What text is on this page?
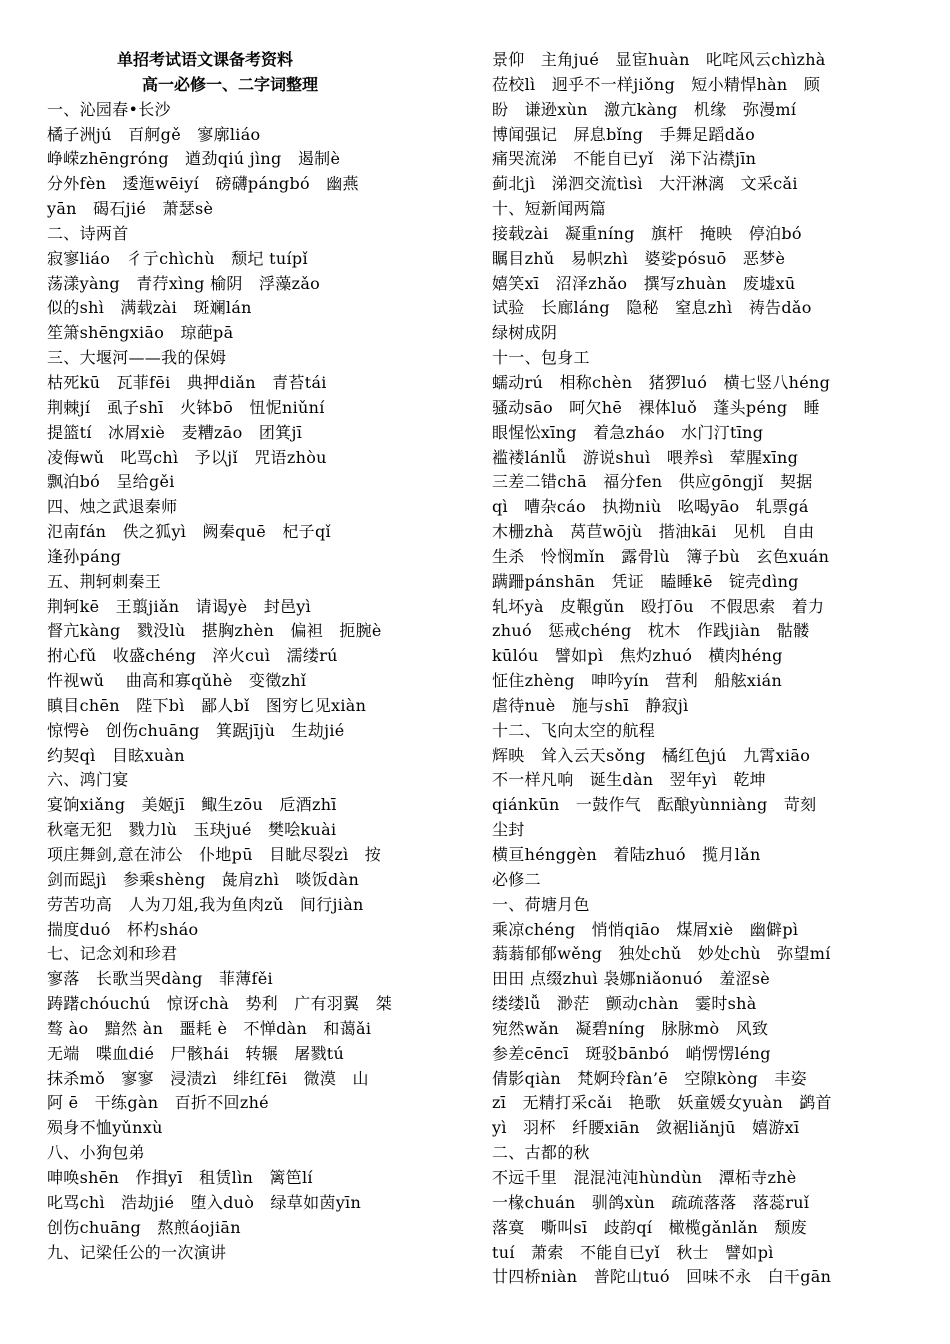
单招考试语文课备考资料
高一必修一、二字词整理
一、沁园春•长沙
橘子洲jú　百舸gě　寥廓liáo
峥嵘zhēngróng　遒劲qiú jìng　遏制è
分外fèn　逶迤wēiyí　磅礴pángbó　幽燕
yān　碣石jié　萧瑟sè
二、诗两首
寂寥liáo　彳亍chìchù　颓圮 tuípǐ
荡漾yàng　青荇xìng 榆阴　浮藻zǎo
似的shì　满载zài　斑斓lán
笙箫shēngxiāo　琼葩pā
三、大堰河——我的保姆
枯死kū　瓦菲fēi　典押diǎn　青苔tái
荆棘jí　虱子shī　火钵bō　忸怩niǔní
提篮tí　冰屑xiè　麦糟zāo　团箕jī
凌侮wǔ　叱骂chì　予以jǐ　咒语zhòu
飘泊bó　呈给gěi
四、烛之武退秦师
氾南fán　佚之狐yì　阙秦quē　杞子qǐ
逢孙páng
五、荆轲刺秦王
荆轲kē　王翦jiǎn　请谒yè　封邑yì
督亢kàng　戮没lù　揕胸zhèn　偏袒　扼腕è
拊心fǔ　收盛chéng　淬火cuì　濡缕rú
忤视wǔ　 曲高和寡qǔhè　变徵zhǐ
瞋目chēn　陛下bì　鄙人bǐ　图穷匕见xiàn
惊愕è　创伤chuāng　箕踞jījù　生劫jié
约契qì　目眩xuàn
六、鸿门宴
宴饷xiǎng　美姬jī　鲰生zōu　卮酒zhī
秋毫无犯　戮力lù　玉玦jué　樊哙kuài
项庄舞剑,意在沛公　仆地pū　目眦尽裂zì　按
剑而跽jì　参乘shèng　彘肩zhì　啖饭dàn
劳苦功高　人为刀俎,我为鱼肉zǔ　间行jiàn
揣度duó　杯杓sháo
七、记念刘和珍君
寥落　长歌当哭dàng　菲薄fěi
踌躇chóuchú　惊讶chà　势利　广有羽翼　桀
骜 ào　黯然 àn　噩耗 è　不惮dàn　和蔼ǎi
无端　喋血dié　尸骸hái　转辗　屠戮tú
抹杀mǒ　寥寥　浸渍zì　绯红fēi　微漠　山
阿 ē　干练gàn　百折不回zhé
殒身不恤yǔnxù
八、小狗包弟
呻唤shēn　作揖yī　租赁lìn　篱笆lí
叱骂chì　浩劫jié　堕入duò　绿草如茵yīn
创伤chuāng　熬煎áojiān
九、记梁任公的一次演讲
景仰　主角jué　显宦huàn　叱咤风云chìzhà
莅校lì　迥乎不一样jiǒng　短小精悍hàn　顾
盼　谦逊xùn　激亢kàng　机缘　弥漫mí
博闻强记　屏息bǐng　手舞足蹈dǎo
痛哭流涕　不能自已yǐ　涕下沾襟jīn
蓟北jì　涕泗交流tìsì　大汗淋漓　文采cǎi
十、短新闻两篇
接载zài　凝重níng　旗杆　掩映　停泊bó
瞩目zhǔ　易帜zhì　婆娑pósuō　恶梦è
嬉笑xī　沼泽zhǎo　撰写zhuàn　废墟xū
试验　长廊láng　隐秘　窒息zhì　祷告dǎo
绿树成阴
十一、包身工
蠕动rú　相称chèn　猪猡luó　横七竖八héng
骚动sāo　呵欠hē　裸体luǒ　蓬头péng　睡
眼惺忪xīng　着急zháo　水门汀tīng
褴褛lánlǚ　游说shuì　喂养sì　荤腥xīng
三差二错chā　福分fen　供应gōngjǐ　契据
qì　嘈杂cáo　执拗niù　吆喝yāo　轧票gá
木栅zhà　莴苣wōjù　揩油kāi　见机　自由
生杀　怜悯mǐn　露骨lù　簿子bù　玄色xuán
蹒跚pánshān　凭证　瞌睡kē　锭壳dìng
轧坏yà　皮鞎gǔn　殴打ōu　不假思索　着力
zhuó　惩戒chéng　枕木　作践jiàn　骷髅
kūlóu　譬如pì　焦灼zhuó　横肉héng
怔住zhèng　呻吟yín　营利　船舷xián
虐待nuè　施与shī　静寂jì
十二、飞向太空的航程
辉映　耸入云天sǒng　橘红色jú　九霄xiāo
不一样凡响　诞生dàn　翌年yì　乾坤
qiánkūn　一鼓作气　酝酿yùnniàng　苛刻
尘封
横亘hénggèn　着陆zhuó　揽月lǎn
必修二
一、荷塘月色
乘凉chéng　悄悄qiāo　煤屑xiè　幽僻pì
蓊蓊郁郁wěng　独处chǔ　妙处chù　弥望mí
田田 点缀zhuì 袅娜niǎonuó　羞涩sè
缕缕lǚ　渺茫　颤动chàn　霎时shà
宛然wǎn　凝碧níng　脉脉mò　风致
参差cēncī　斑驳bānbó　峭愣愣léng
倩影qiàn　梵婀玲fàn’ē　空隙kòng　丰姿
zī　无精打采cǎi　艳歌　妖童媛女yuàn　鹢首
yì　羽杯　纤腰xiān　敛裾liǎnjū　嬉游xī
二、古都的秋
不远千里　混混沌沌hùndùn　潭柘寺zhè
一椽chuán　驯鸽xùn　疏疏落落　落蕊ruǐ
落寞　嘶叫sī　歧韵qí　橄榄gǎnlǎn　颓废
tuí　萧索　不能自已yǐ　秋士　譬如pì
廿四桥niàn　普陀山tuó　回味不永　白干gān
